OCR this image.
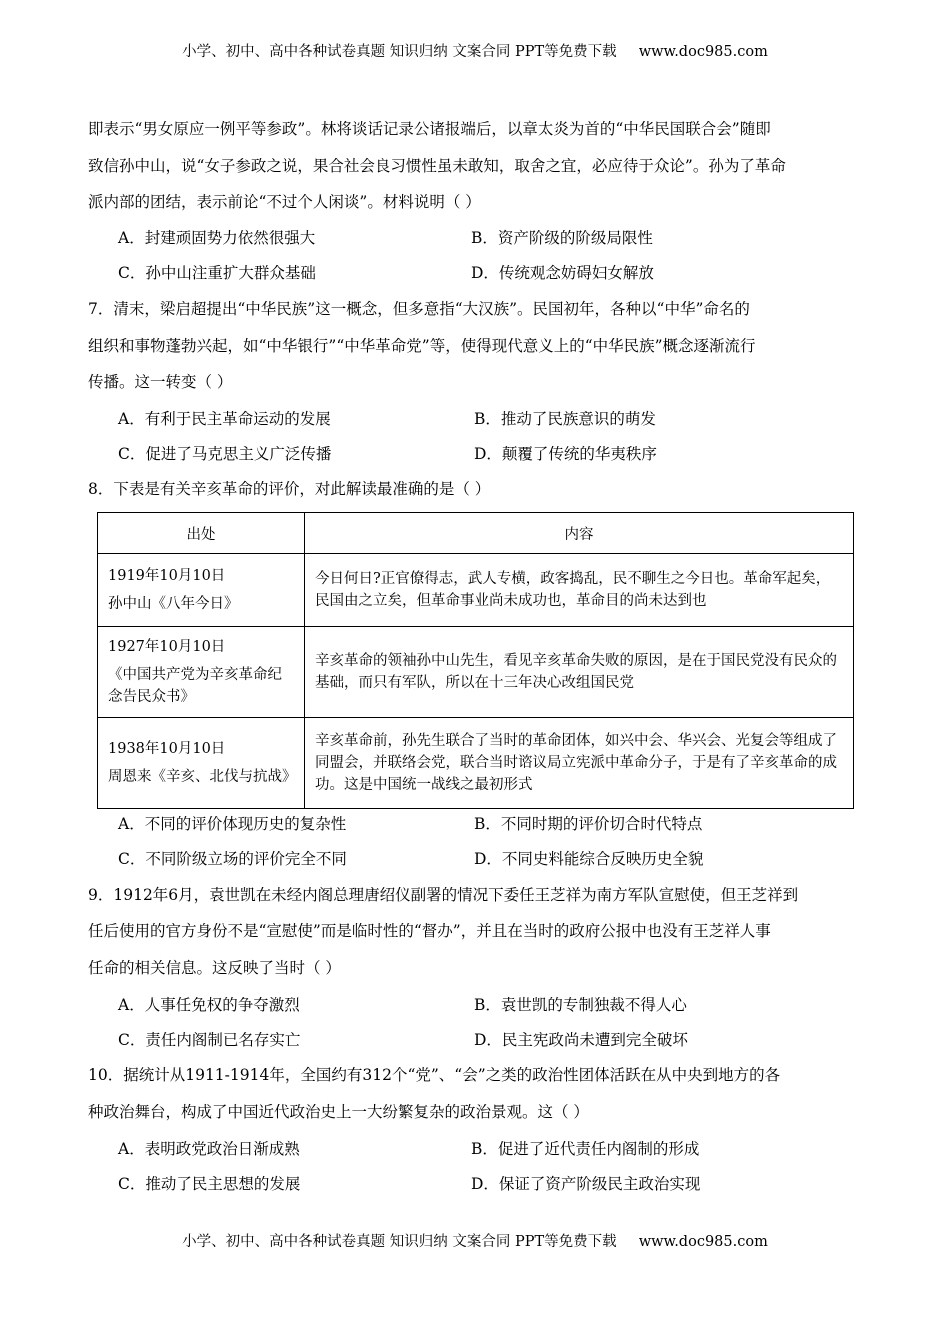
小学、初中、高中各种试卷真题 知识归纳 文案合同 PPT等免费下载 www.doc985.com
即表示“男女原应一例平等参政”。林将谈话记录公诸报端后，以章太炎为首的“中华民国联合会”随即
致信孙中山，说“女子参政之说，果合社会良习惯性虽未敢知，取舍之宜，必应待于众论”。孙为了革命
派内部的团结，表示前论“不过个人闲谈”。材料说明（ ）
A．封建顽固势力依然很强大	B．资产阶级的阶级局限性
C．孙中山注重扩大群众基础	D．传统观念妨碍妇女解放
7．清末，梁启超提出“中华民族”这一概念，但多意指“大汉族”。民国初年，各种以“中华”命名的
组织和事物蓬勃兴起，如“中华银行”“中华革命党”等，使得现代意义上的“中华民族”概念逐渐流行
传播。这一转变（ ）
A．有利于民主革命运动的发展	B．推动了民族意识的萌发
C．促进了马克思主义广泛传播	D．颠覆了传统的华夷秩序
8．下表是有关辛亥革命的评价，对此解读最准确的是（ ）
出处	内容

1919年10月10日
孙中山《八年今日》	今日何日?正官僚得志，武人专横，政客捣乱，民不聊生之今日也。革命军起矣，民国由之立矣，但革命事业尚未成功也，革命目的尚未达到也

1927年10月10日
《中国共产党为辛亥革命纪念告民众书》	辛亥革命的领袖孙中山先生，看见辛亥革命失败的原因，是在于国民党没有民众的基础，而只有军队，所以在十三年决心改组国民党

1938年10月10日
周恩来《辛亥、北伐与抗战》	辛亥革命前，孙先生联合了当时的革命团体，如兴中会、华兴会、光复会等组成了同盟会，并联络会党，联合当时谘议局立宪派中革命分子，于是有了辛亥革命的成功。这是中国统一战线之最初形式
A．不同的评价体现历史的复杂性	B．不同时期的评价切合时代特点
C．不同阶级立场的评价完全不同	D．不同史料能综合反映历史全貌
9．1912年6月，袁世凯在未经内阁总理唐绍仪副署的情况下委任王芝祥为南方军队宣慰使，但王芝祥到
任后使用的官方身份不是“宣慰使”而是临时性的“督办”，并且在当时的政府公报中也没有王芝祥人事
任命的相关信息。这反映了当时（ ）
A．人事任免权的争夺激烈	B．袁世凯的专制独裁不得人心
C．责任内阁制已名存实亡	D．民主宪政尚未遭到完全破坏
10．据统计从1911-1914年，全国约有312个“党”、“会”之类的政治性团体活跃在从中央到地方的各
种政治舞台，构成了中国近代政治史上一大纷繁复杂的政治景观。这（ ）
A．表明政党政治日渐成熟	B．促进了近代责任内阁制的形成
C．推动了民主思想的发展	D．保证了资产阶级民主政治实现
小学、初中、高中各种试卷真题 知识归纳 文案合同 PPT等免费下载 www.doc985.com
